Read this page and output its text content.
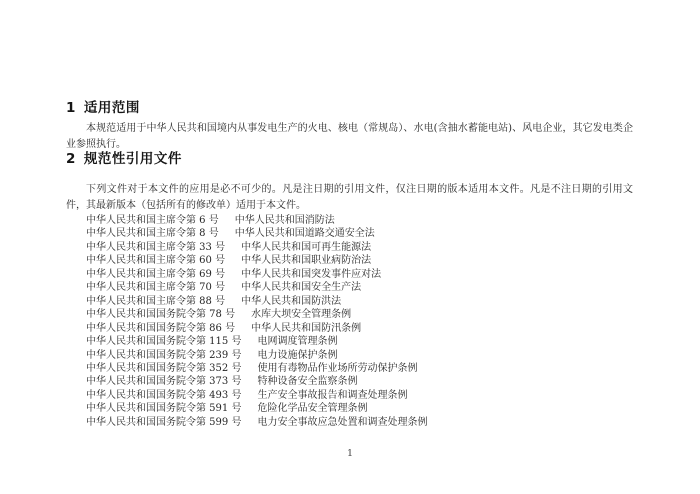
1 适用范围

本规范适用于中华人民共和国境内从事发电生产的火电、核电（常规岛）、水电(含抽水蓄能电站)、风电企业，其它发电类企业参照执行。

2 规范性引用文件

下列文件对于本文件的应用是必不可少的。凡是注日期的引用文件，仅注日期的版本适用本文件。凡是不注日期的引用文件，其最新版本（包括所有的修改单）适用于本文件。

中华人民共和国主席令第 6 号 中华人民共和国消防法
中华人民共和国主席令第 8 号 中华人民共和国道路交通安全法
中华人民共和国主席令第 33 号 中华人民共和国可再生能源法
中华人民共和国主席令第 60 号 中华人民共和国职业病防治法
中华人民共和国主席令第 69 号 中华人民共和国突发事件应对法
中华人民共和国主席令第 70 号 中华人民共和国安全生产法
中华人民共和国主席令第 88 号 中华人民共和国防洪法
中华人民共和国国务院令第 78 号 水库大坝安全管理条例
中华人民共和国国务院令第 86 号 中华人民共和国防汛条例
中华人民共和国国务院令第 115 号 电网调度管理条例
中华人民共和国国务院令第 239 号 电力设施保护条例
中华人民共和国国务院令第 352 号 使用有毒物品作业场所劳动保护条例
中华人民共和国国务院令第 373 号 特种设备安全监察条例
中华人民共和国国务院令第 493 号 生产安全事故报告和调查处理条例
中华人民共和国国务院令第 591 号 危险化学品安全管理条例
中华人民共和国国务院令第 599 号 电力安全事故应急处置和调查处理条例
1
